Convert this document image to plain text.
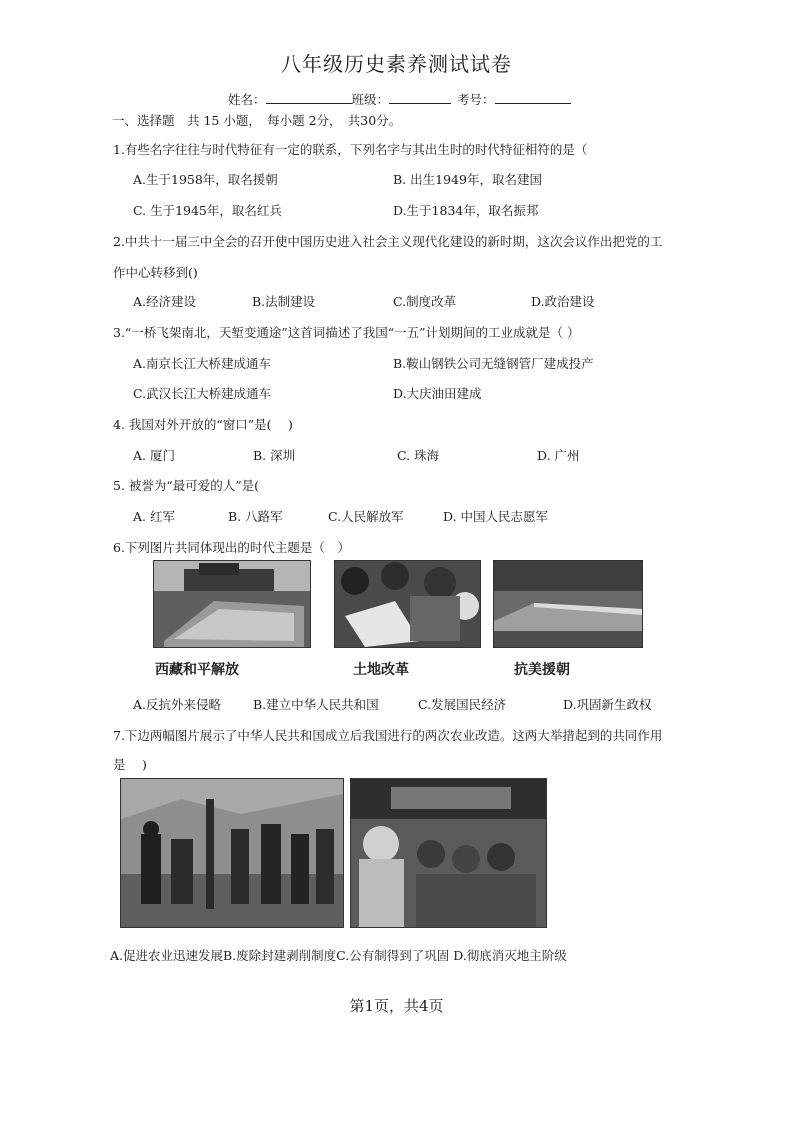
八年级历史素养测试试卷
姓名：	班级：	考号：
一、选择题　共 15 小题，　每小题 2分，　共30分。
1.有些名字往往与时代特征有一定的联系，下列名字与其出生时的时代特征相符的是（
A.生于1958年，取名援朝	B. 出生1949年，取名建国
C. 生于1945年，取名红兵	D.生于1834年，取名振邦
2.中共十一届三中全会的召开使中国历史进入社会主义现代化建设的新时期，这次会议作出把党的工
作中心转移到()
A.经济建设	B.法制建设	C.制度改革	D.政治建设
3.“一桥飞架南北，天堑变通途”这首词描述了我国“一五”计划期间的工业成就是（ ）
A.南京长江大桥建成通车	B.鞍山钢铁公司无缝钢管厂建成投产
C.武汉长江大桥建成通车	D.大庆油田建成
4. 我国对外开放的“窗口”是(　 )
A. 厦门	B. 深圳	C. 珠海	D. 广州
5. 被誉为“最可爱的人”是(
A. 红军	B. 八路军	C.人民解放军	D. 中国人民志愿军
6.下列图片共同体现出的时代主题是（　）
西藏和平解放	土地改革	抗美援朝
A.反抗外来侵略	B.建立中华人民共和国	C.发展国民经济	D.巩固新生政权
7.下边两幅图片展示了中华人民共和国成立后我国进行的两次农业改造。这两大举措起到的共同作用
是　 )
A.促进农业迅速发展B.废除封建剥削制度C.公有制得到了巩固 D.彻底消灭地主阶级
第1页，共4页
